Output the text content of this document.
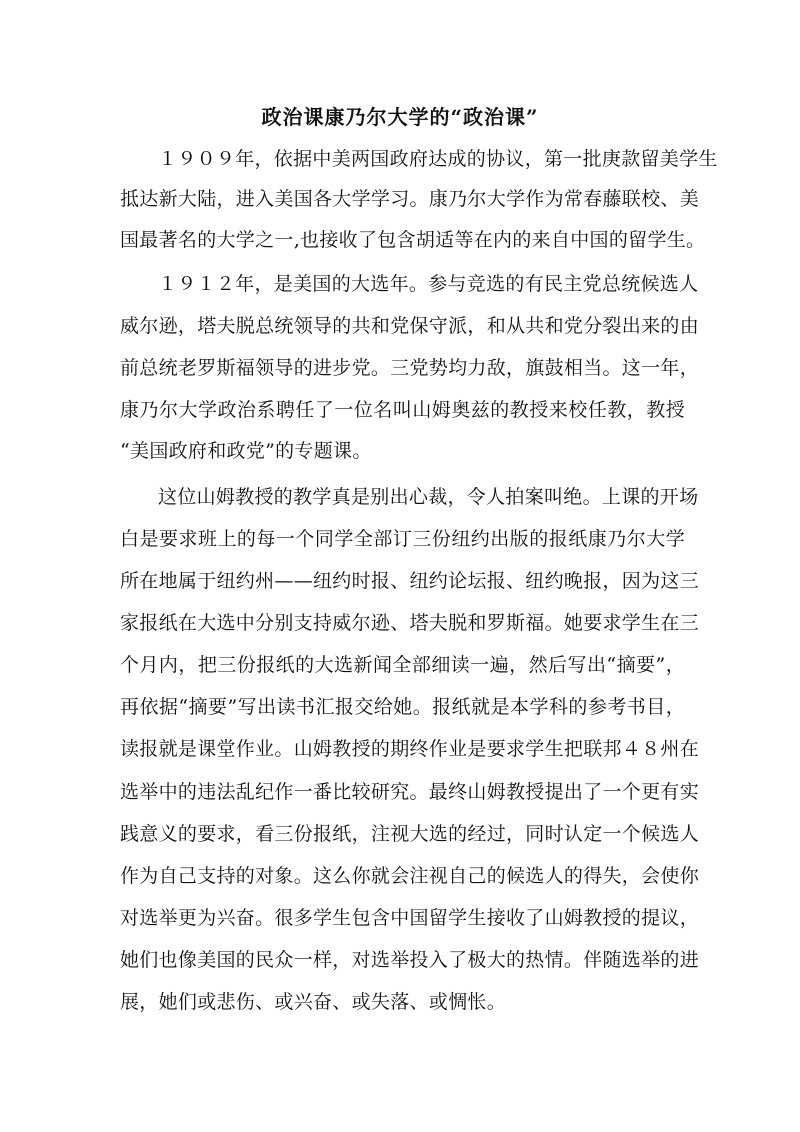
政治课康乃尔大学的“政治课”

１９０９年，依据中美两国政府达成的协议，第一批庚款留美学生

抵达新大陆，进入美国各大学学习。康乃尔大学作为常春藤联校、美

国最著名的大学之一,也接收了包含胡适等在内的来自中国的留学生。

１９１２年，是美国的大选年。参与竞选的有民主党总统候选人

威尔逊，塔夫脱总统领导的共和党保守派，和从共和党分裂出来的由

前总统老罗斯福领导的进步党。三党势均力敌，旗鼓相当。这一年，

康乃尔大学政治系聘任了一位名叫山姆奥兹的教授来校任教，教授

“美国政府和政党”的专题课。

这位山姆教授的教学真是别出心裁，令人拍案叫绝。上课的开场

白是要求班上的每一个同学全部订三份纽约出版的报纸康乃尔大学

所在地属于纽约州——纽约时报、纽约论坛报、纽约晚报，因为这三

家报纸在大选中分别支持威尔逊、塔夫脱和罗斯福。她要求学生在三

个月内，把三份报纸的大选新闻全部细读一遍，然后写出“摘要”，

再依据“摘要”写出读书汇报交给她。报纸就是本学科的参考书目，

读报就是课堂作业。山姆教授的期终作业是要求学生把联邦４８州在

选举中的违法乱纪作一番比较研究。最终山姆教授提出了一个更有实

践意义的要求，看三份报纸，注视大选的经过，同时认定一个候选人

作为自己支持的对象。这么你就会注视自己的候选人的得失，会使你

对选举更为兴奋。很多学生包含中国留学生接收了山姆教授的提议，

她们也像美国的民众一样，对选举投入了极大的热情。伴随选举的进

展，她们或悲伤、或兴奋、或失落、或惆怅。
